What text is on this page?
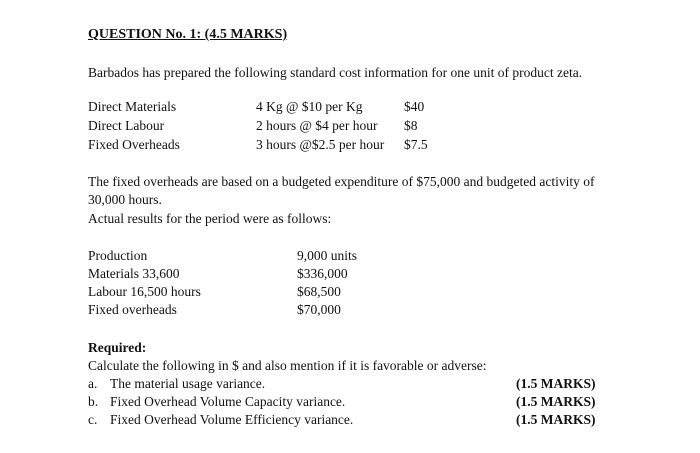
QUESTION No. 1: (4.5 MARKS)
Barbados has prepared the following standard cost information for one unit of product zeta.
Direct Materials	4 Kg @ $10 per Kg	$40
Direct Labour	2 hours @ $4 per hour $8
Fixed Overheads	3 hours @$2.5 per hour $7.5
The fixed overheads are based on a budgeted expenditure of $75,000 and budgeted activity of 30,000 hours.
Actual results for the period were as follows:
Production	9,000 units
Materials 33,600	$336,000
Labour 16,500 hours	$68,500
Fixed overheads	$70,000
Required:
Calculate the following in $ and also mention if it is favorable or adverse:
a. The material usage variance.	(1.5 MARKS)
b. Fixed Overhead Volume Capacity variance.	(1.5 MARKS)
c. Fixed Overhead Volume Efficiency variance.	(1.5 MARKS)
